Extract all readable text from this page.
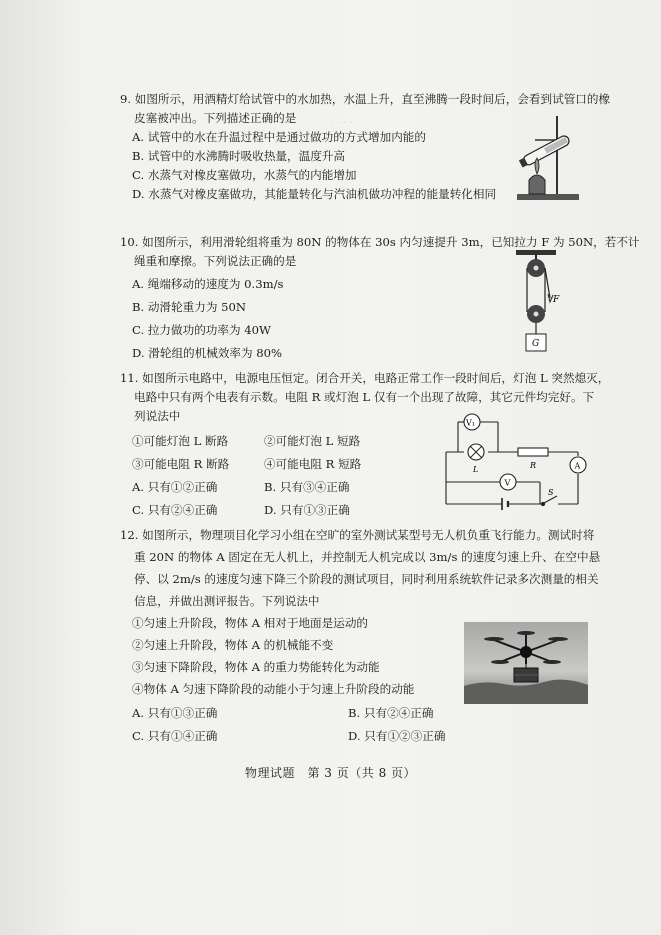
· · · ·
9. 如图所示，用酒精灯给试管中的水加热，水温上升，直至沸腾一段时间后，会看到试管口的橡
皮塞被冲出。下列描述正确的是
A. 试管中的水在升温过程中是通过做功的方式增加内能的
B. 试管中的水沸腾时吸收热量，温度升高
C. 水蒸气对橡皮塞做功，水蒸气的内能增加
D. 水蒸气对橡皮塞做功，其能量转化与汽油机做功冲程的能量转化相同
10. 如图所示，利用滑轮组将重为 80N 的物体在 30s 内匀速提升 3m，已知拉力 F 为 50N，若不计
绳重和摩擦。下列说法正确的是
A. 绳端移动的速度为 0.3m/s
B. 动滑轮重力为 50N
C. 拉力做功的功率为 40W
D. 滑轮组的机械效率为 80%
F
G
11. 如图所示电路中，电源电压恒定。闭合开关，电路正常工作一段时间后，灯泡 L 突然熄灭，
电路中只有两个电表有示数。电阻 R 或灯泡 L 仅有一个出现了故障，其它元件均完好。下
列说法中
①可能灯泡 L 断路	②可能灯泡 L 短路
③可能电阻 R 断路	④可能电阻 R 短路
A. 只有①②正确	B. 只有③④正确
C. 只有②④正确	D. 只有①③正确
V₁
L	R	A
V
S
12. 如图所示，物理项目化学习小组在空旷的室外测试某型号无人机负重飞行能力。测试时将
重 20N 的物体 A 固定在无人机上，并控制无人机完成以 3m/s 的速度匀速上升、在空中悬
停、以 2m/s 的速度匀速下降三个阶段的测试项目，同时利用系统软件记录多次测量的相关
信息，并做出测评报告。下列说法中
①匀速上升阶段，物体 A 相对于地面是运动的
②匀速上升阶段，物体 A 的机械能不变
③匀速下降阶段，物体 A 的重力势能转化为动能
④物体 A 匀速下降阶段的动能小于匀速上升阶段的动能
A. 只有①③正确	B. 只有②④正确
C. 只有①④正确	D. 只有①②③正确
物理试题　第 3 页（共 8 页）
